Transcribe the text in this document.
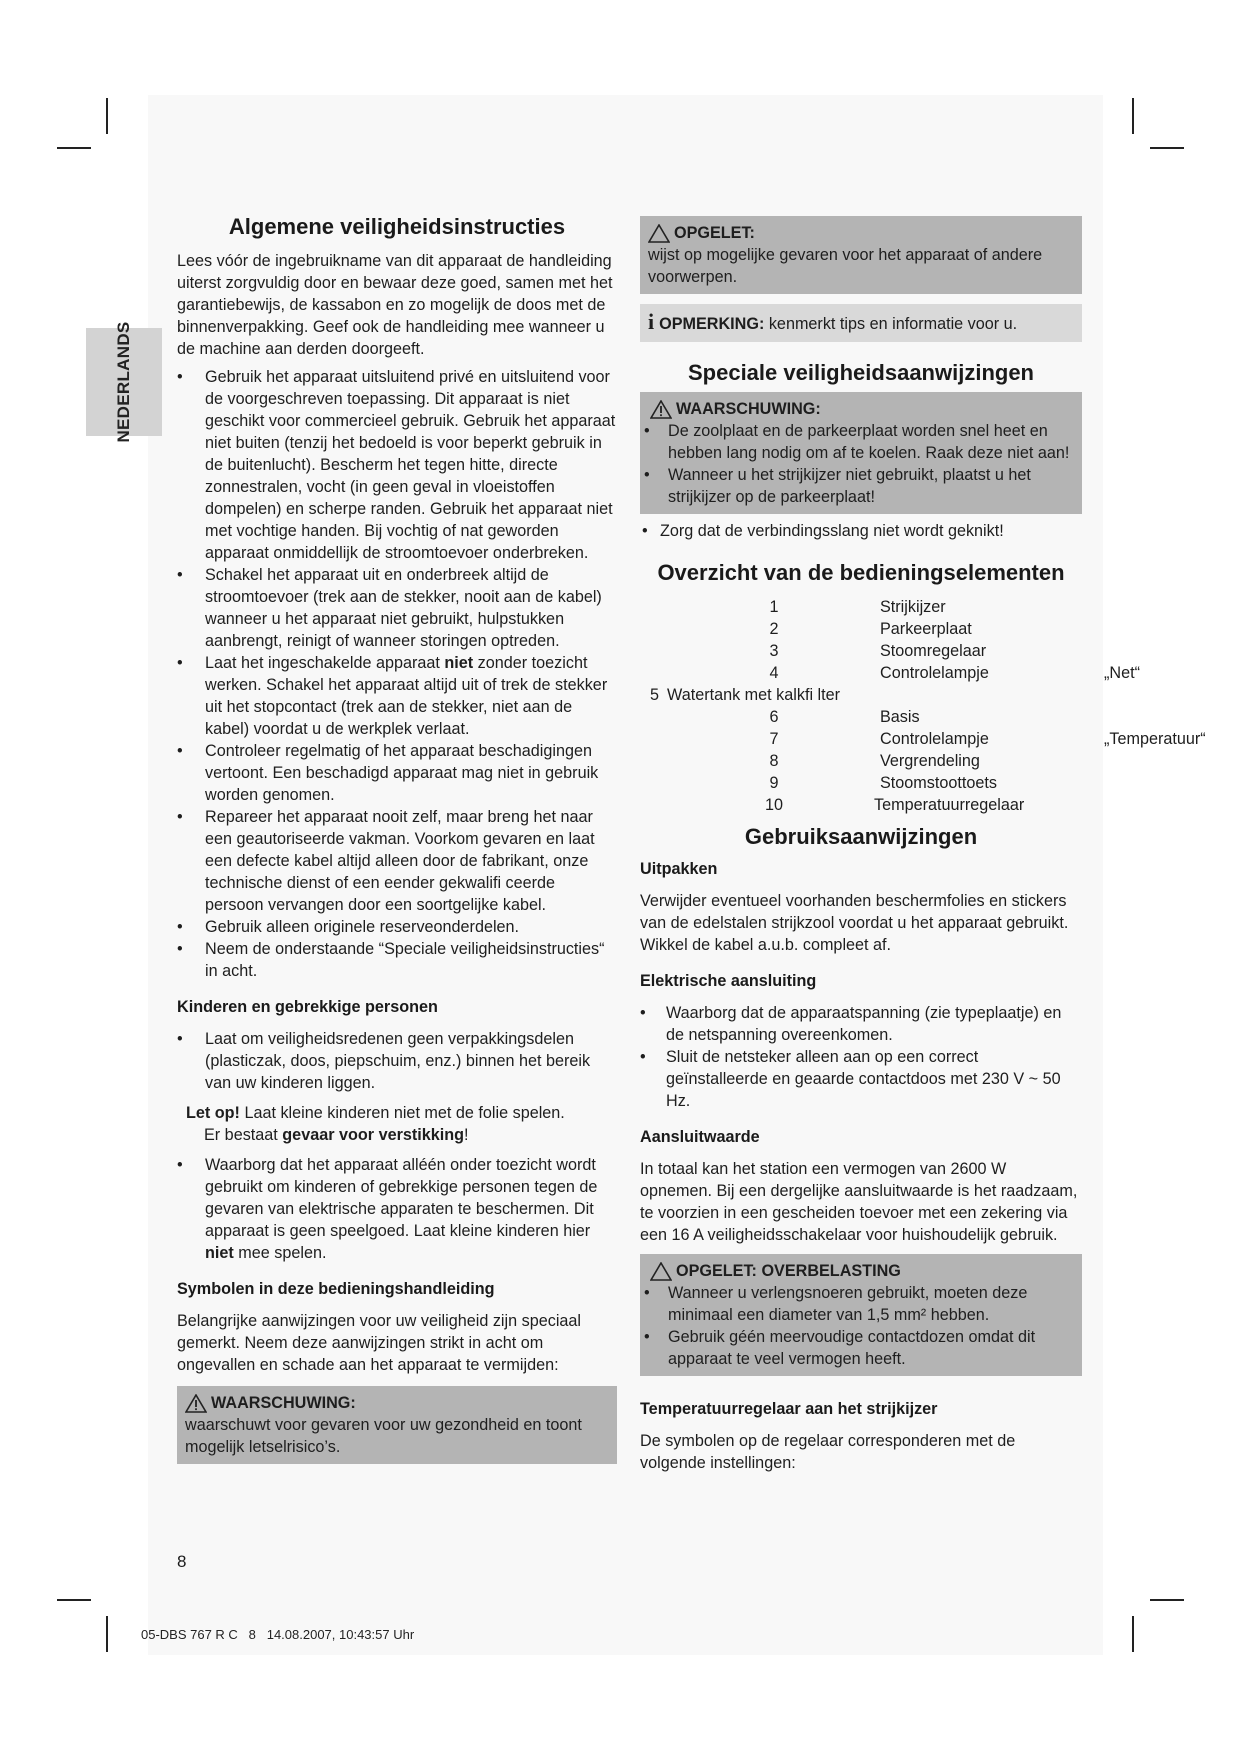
NEDERLANDS
Algemene veiligheidsinstructies

Lees vóór de ingebruikname van dit apparaat de handleiding uiterst zorgvuldig door en bewaar deze goed, samen met het garantiebewijs, de kassabon en zo mogelijk de doos met de binnenverpakking. Geef ook de handleiding mee wanneer u de machine aan derden doorgeeft.

•	Gebruik het apparaat uitsluitend privé en uitsluitend voor de voorgeschreven toepassing. Dit apparaat is niet geschikt voor commercieel gebruik. Gebruik het apparaat niet buiten (tenzij het bedoeld is voor beperkt gebruik in de buitenlucht). Bescherm het tegen hitte, directe zonnestralen, vocht (in geen geval in vloeistoffen dompelen) en scherpe randen. Gebruik het apparaat niet met vochtige handen. Bij vochtig of nat geworden apparaat onmiddellijk de stroomtoevoer onderbreken.
•	Schakel het apparaat uit en onderbreek altijd de stroomtoevoer (trek aan de stekker, nooit aan de kabel) wanneer u het apparaat niet gebruikt, hulpstukken aanbrengt, reinigt of wanneer storingen optreden.
•	Laat het ingeschakelde apparaat niet zonder toezicht werken. Schakel het apparaat altijd uit of trek de stekker uit het stopcontact (trek aan de stekker, niet aan de kabel) voordat u de werkplek verlaat.
•	Controleer regelmatig of het apparaat beschadigingen vertoont. Een beschadigd apparaat mag niet in gebruik worden genomen.
•	Repareer het apparaat nooit zelf, maar breng het naar een geautoriseerde vakman. Voorkom gevaren en laat een defecte kabel altijd alleen door de fabrikant, onze technische dienst of een eender gekwalifi ceerde persoon vervangen door een soortgelijke kabel.
•	Gebruik alleen originele reserveonderdelen.
•	Neem de onderstaande “Speciale veiligheidsinstructies“ in acht.
Kinderen en gebrekkige personen
•	Laat om veiligheidsredenen geen verpakkingsdelen (plasticzak, doos, piepschuim, enz.) binnen het bereik van uw kinderen liggen.

Let op! Laat kleine kinderen niet met de folie spelen.

Er bestaat gevaar voor verstikking!

•	Waarborg dat het apparaat alléén onder toezicht wordt gebruikt om kinderen of gebrekkige personen tegen de gevaren van elektrische apparaten te beschermen. Dit apparaat is geen speelgoed. Laat kleine kinderen hier niet mee spelen.
Symbolen in deze bedieningshandleiding

Belangrijke aanwijzingen voor uw veiligheid zijn speciaal gemerkt. Neem deze aanwijzingen strikt in acht om ongevallen en schade aan het apparaat te vermijden:

WAARSCHUWING:

waarschuwt voor gevaren voor uw gezondheid en toont mogelijk letselrisico’s.

OPGELET:

wijst op mogelijke gevaren voor het apparaat of andere voorwerpen.

i OPMERKING: kenmerkt tips en informatie voor u.
Speciale veiligheidsaanwijzingen
WAARSCHUWING:
•	De zoolplaat en de parkeerplaat worden snel heet en hebben lang nodig om af te koelen. Raak deze niet aan!
•	Wanneer u het strijkijzer niet gebruikt, plaatst u het strijkijzer op de parkeerplaat!
• Zorg dat de verbindingsslang niet wordt geknikt!
Overzicht van de bedieningselementen
1	Strijkijzer
2	Parkeerplaat
3	Stoomregelaar
4	Controlelampje	„Net“
5 Watertank met kalkfi lter
6	Basis
7	Controlelampje	„Temperatuur“
8	Vergrendeling
9	Stoomstoottoets
10	Temperatuurregelaar
Gebruiksaanwijzingen
Uitpakken

Verwijder eventueel voorhanden beschermfolies en stickers van de edelstalen strijkzool voordat u het apparaat gebruikt. Wikkel de kabel a.u.b. compleet af.

Elektrische aansluiting
•	Waarborg dat de apparaatspanning (zie typeplaatje) en de netspanning overeenkomen.
•	Sluit de netsteker alleen aan op een correct geïnstalleerde en geaarde contactdoos met 230 V ~ 50 Hz.
Aansluitwaarde

In totaal kan het station een vermogen van 2600 W opnemen. Bij een dergelijke aansluitwaarde is het raadzaam, te voorzien in een gescheiden toevoer met een zekering via een 16 A veiligheidsschakelaar voor huishoudelijk gebruik.

OPGELET: OVERBELASTING
•	Wanneer u verlengsnoeren gebruikt, moeten deze minimaal een diameter van 1,5 mm² hebben.
•	Gebruik géén meervoudige contactdozen omdat dit apparaat te veel vermogen heeft.
Temperatuurregelaar aan het strijkijzer

De symbolen op de regelaar corresponderen met de volgende instellingen:

8
05-DBS 767 R C   8   14.08.2007, 10:43:57 Uhr
